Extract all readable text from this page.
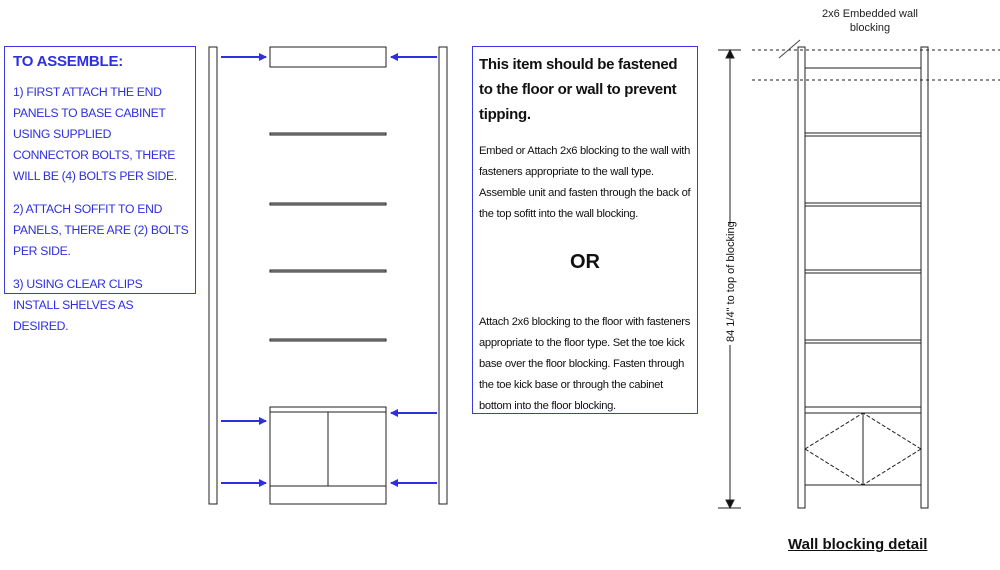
TO ASSEMBLE:
1) FIRST ATTACH THE END PANELS TO BASE CABINET USING SUPPLIED CONNECTOR BOLTS, THERE WILL BE (4) BOLTS PER SIDE.
2) ATTACH SOFFIT TO END PANELS, THERE ARE (2) BOLTS PER SIDE.
3) USING CLEAR CLIPS INSTALL SHELVES AS DESIRED.	84 1/4" to top of blocking
2x6 Embedded wall blocking
This item should be fastened to the floor or wall to prevent tipping.

Embed or Attach 2x6 blocking to the wall with fasteners appropriate to the wall type. Assemble unit and fasten through the back of the top sofitt into the wall blocking.

OR

Attach 2x6 blocking to the floor with fasteners appropriate to the floor type. Set the toe kick base over the floor blocking. Fasten through the toe kick base or through the cabinet bottom into the floor blocking.

Wall blocking detail
